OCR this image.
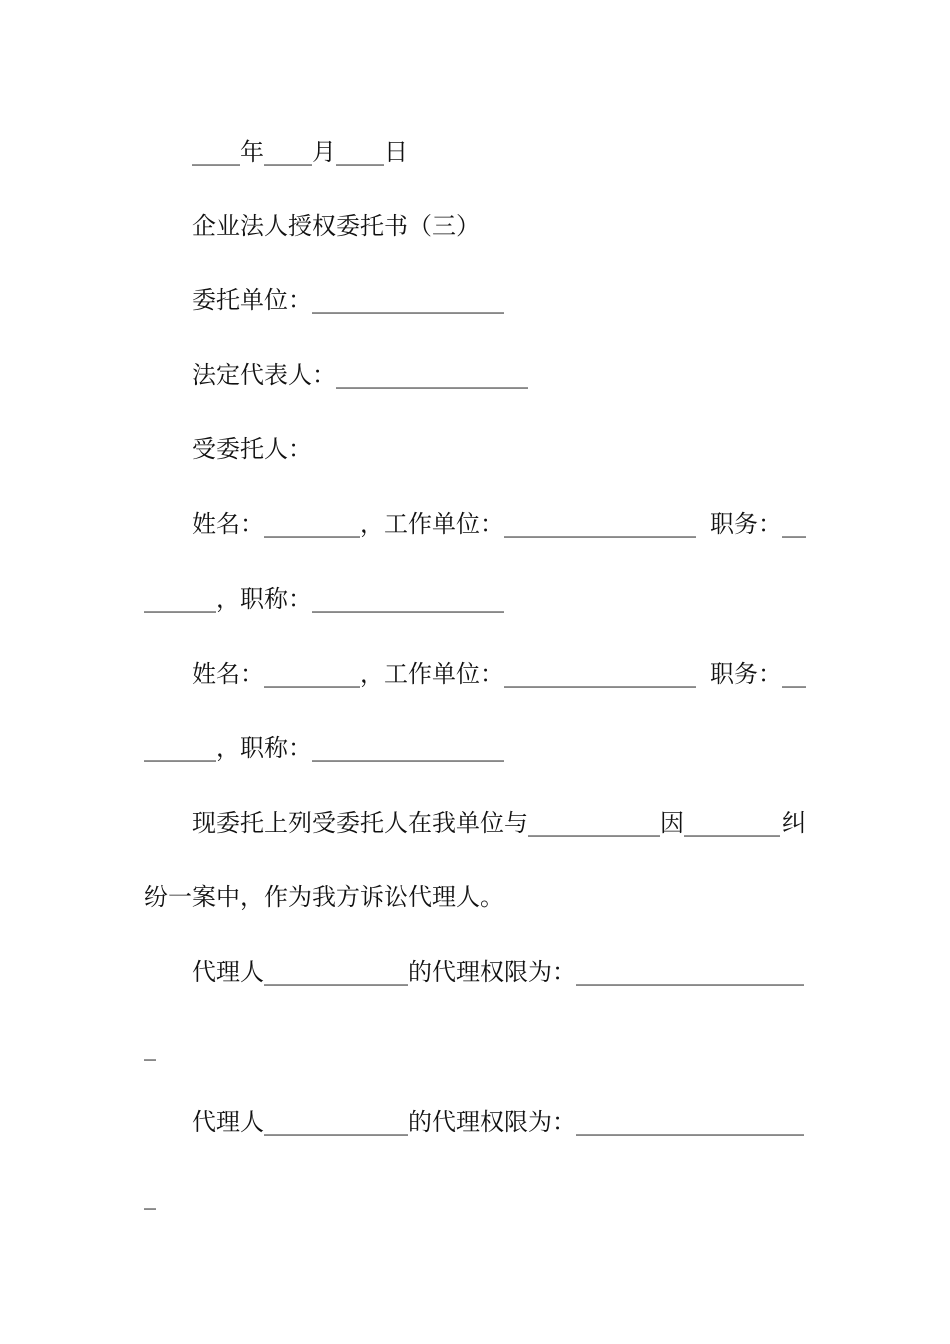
____年____月____日

企业法人授权委托书（三）

委托单位：________________

法定代表人：________________

受委托人：

姓名：________，工作单位：________________ 职务：__

______，职称：________________

姓名：________，工作单位：________________ 职务：__

______，职称：________________

现委托上列受委托人在我单位与___________因________ 纠

纷一案中，作为我方诉讼代理人。

代理人____________的代理权限为：___________________

_

代理人____________的代理权限为：___________________

_
